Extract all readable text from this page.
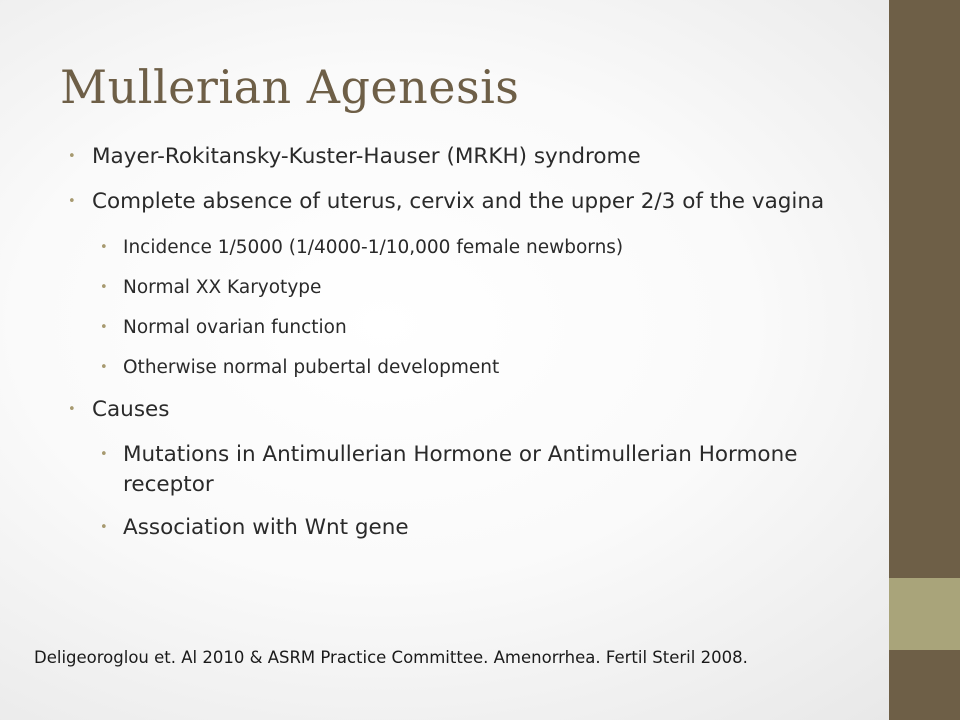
Mullerian Agenesis
• Mayer-Rokitansky-Kuster-Hauser (MRKH) syndrome
• Complete absence of uterus, cervix and the upper 2/3 of the vagina
• Incidence 1/5000 (1/4000-1/10,000 female newborns)
• Normal XX Karyotype
• Normal ovarian function
• Otherwise normal pubertal development
• Causes
• Mutations in Antimullerian Hormone or Antimullerian Hormone receptor
• Association with Wnt gene
Deligeoroglou et. Al 2010 & ASRM Practice Committee. Amenorrhea. Fertil Steril 2008.
